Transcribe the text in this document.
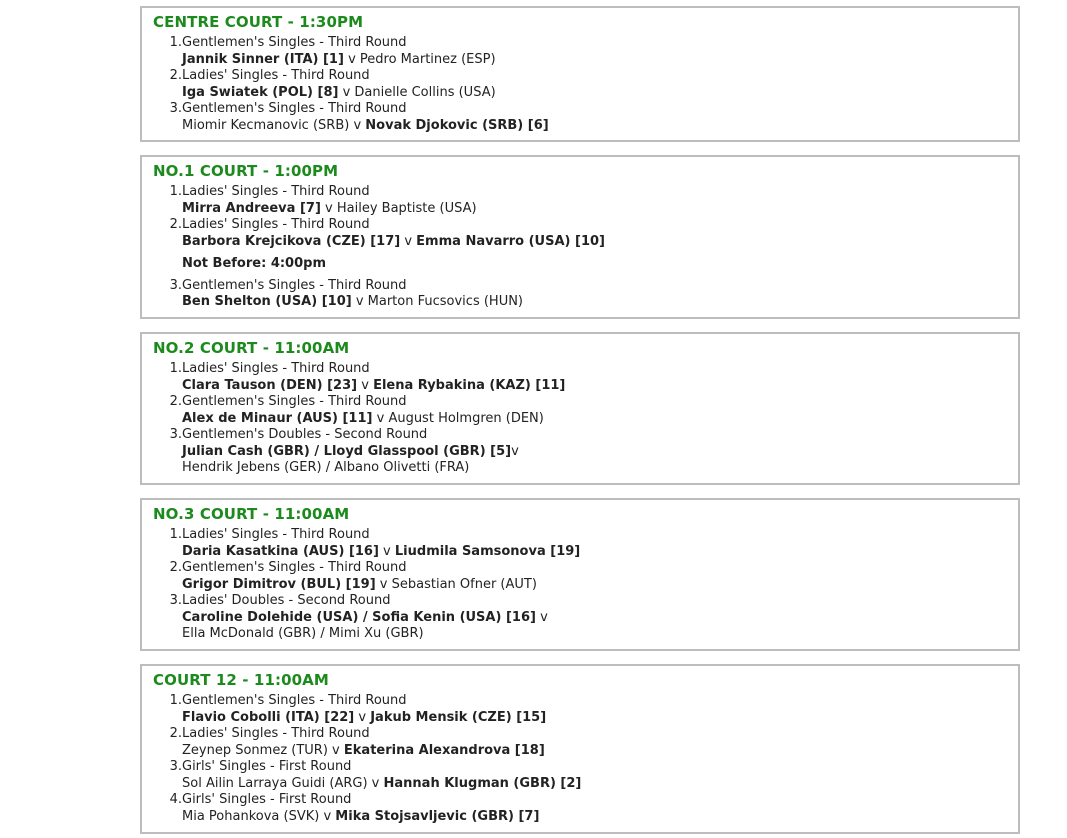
CENTRE COURT - 1:30PM
1 . Gentlemen's Singles - Third Round
Jannik Sinner (ITA) [1] v Pedro Martinez (ESP)
2 . Ladies' Singles - Third Round
Iga Swiatek (POL) [8] v Danielle Collins (USA)
3 . Gentlemen's Singles - Third Round
Miomir Kecmanovic (SRB) v Novak Djokovic (SRB) [6]
NO.1 COURT - 1:00PM
1 . Ladies' Singles - Third Round
Mirra Andreeva [7] v Hailey Baptiste (USA)
2 . Ladies' Singles - Third Round
Barbora Krejcikova (CZE) [17] v Emma Navarro (USA) [10]
Not Before: 4:00pm
3 . Gentlemen's Singles - Third Round
Ben Shelton (USA) [10] v Marton Fucsovics (HUN)
NO.2 COURT - 11:00AM
1 . Ladies' Singles - Third Round
Clara Tauson (DEN) [23] v Elena Rybakina (KAZ) [11]
2 . Gentlemen's Singles - Third Round
Alex de Minaur (AUS) [11] v August Holmgren (DEN)
3 . Gentlemen's Doubles - Second Round
Julian Cash (GBR) / Lloyd Glasspool (GBR) [5]v
Hendrik Jebens (GER) / Albano Olivetti (FRA)
NO.3 COURT - 11:00AM
1 . Ladies' Singles - Third Round
Daria Kasatkina (AUS) [16] v Liudmila Samsonova [19]
2 . Gentlemen's Singles - Third Round
Grigor Dimitrov (BUL) [19] v Sebastian Ofner (AUT)
3 . Ladies' Doubles - Second Round
Caroline Dolehide (USA) / Sofia Kenin (USA) [16] v
Ella McDonald (GBR) / Mimi Xu (GBR)
COURT 12 - 11:00AM
1 . Gentlemen's Singles - Third Round
Flavio Cobolli (ITA) [22] v Jakub Mensik (CZE) [15]
2 . Ladies' Singles - Third Round
Zeynep Sonmez (TUR) v Ekaterina Alexandrova [18]
3 . Girls' Singles - First Round
Sol Ailin Larraya Guidi (ARG) v Hannah Klugman (GBR) [2]
4 . Girls' Singles - First Round
Mia Pohankova (SVK) v Mika Stojsavljevic (GBR) [7]
